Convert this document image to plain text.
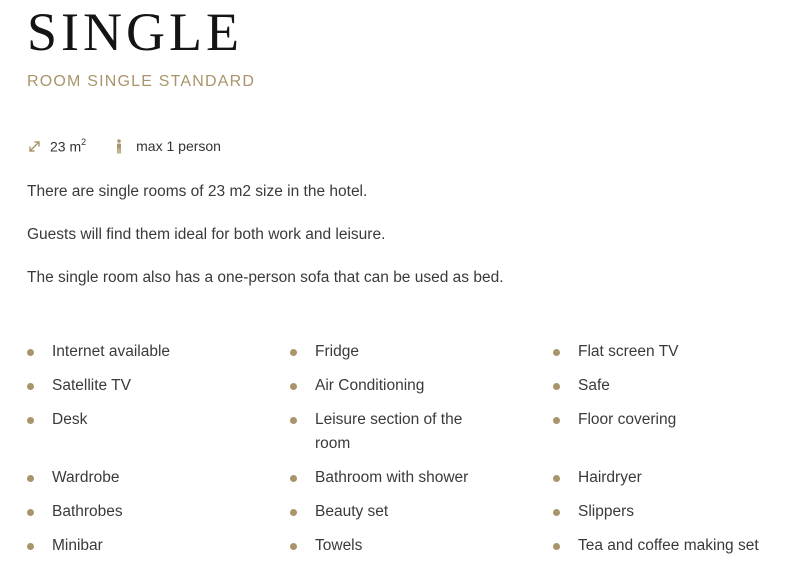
SINGLE
ROOM SINGLE STANDARD
23 $m^2$	max 1 person

There are single rooms of 23 m2 size in the hotel.

Guests will find them ideal for both work and leisure.

The single room also has a one-person sofa that can be used as bed.

Internet available
Satellite TV
Desk
Wardrobe
Bathrobes
Minibar
Fridge
Air Conditioning
Leisure section of the room
Bathroom with shower
Beauty set
Towels
Flat screen TV
Safe
Floor covering
Hairdryer
Slippers
Tea and coffee making set
